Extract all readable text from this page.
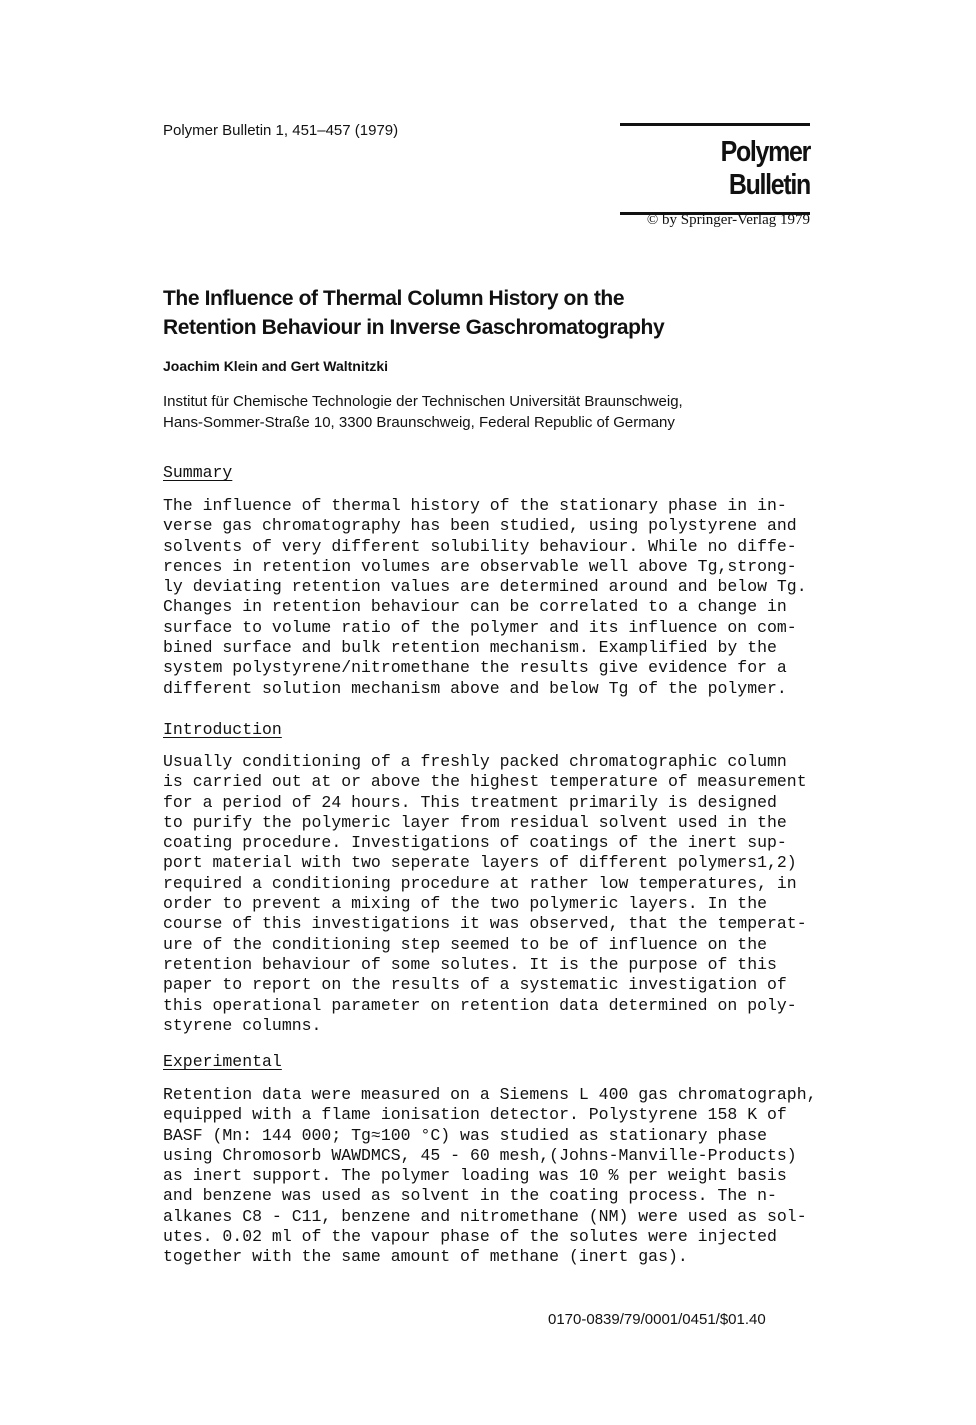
Polymer Bulletin 1, 451–457 (1979)
Polymer Bulletin
© by Springer-Verlag 1979
The Influence of Thermal Column History on the
Retention Behaviour in Inverse Gaschromatography
Joachim Klein and Gert Waltnitzki
Institut für Chemische Technologie der Technischen Universität Braunschweig,
Hans-Sommer-Straße 10, 3300 Braunschweig, Federal Republic of Germany
Summary
The influence of thermal history of the stationary phase in in-
verse gas chromatography has been studied, using polystyrene and
solvents of very different solubility behaviour. While no diffe-
rences in retention volumes are observable well above Tg,strong-
ly deviating retention values are determined around and below Tg.
Changes in retention behaviour can be correlated to a change in
surface to volume ratio of the polymer and its influence on com-
bined surface and bulk retention mechanism. Examplified by the
system polystyrene/nitromethane the results give evidence for a
different solution mechanism above and below Tg of the polymer.
Introduction
Usually conditioning of a freshly packed chromatographic column
is carried out at or above the highest temperature of measurement
for a period of 24 hours. This treatment primarily is designed
to purify the polymeric layer from residual solvent used in the
coating procedure. Investigations of coatings of the inert sup-
port material with two seperate layers of different polymers1,2)
required a conditioning procedure at rather low temperatures, in
order to prevent a mixing of the two polymeric layers. In the
course of this investigations it was observed, that the temperat-
ure of the conditioning step seemed to be of influence on the
retention behaviour of some solutes. It is the purpose of this
paper to report on the results of a systematic investigation of
this operational parameter on retention data determined on poly-
styrene columns.
Experimental
Retention data were measured on a Siemens L 400 gas chromatograph,
equipped with a flame ionisation detector. Polystyrene 158 K of
BASF (Mn: 144 000; Tg≈100 °C) was studied as stationary phase
using Chromosorb WAWDMCS, 45 - 60 mesh,(Johns-Manville-Products)
as inert support. The polymer loading was 10 % per weight basis
and benzene was used as solvent in the coating process. The n-
alkanes C8 - C11, benzene and nitromethane (NM) were used as sol-
utes. 0.02 ml of the vapour phase of the solutes were injected
together with the same amount of methane (inert gas).
0170-0839/79/0001/0451/$01.40
